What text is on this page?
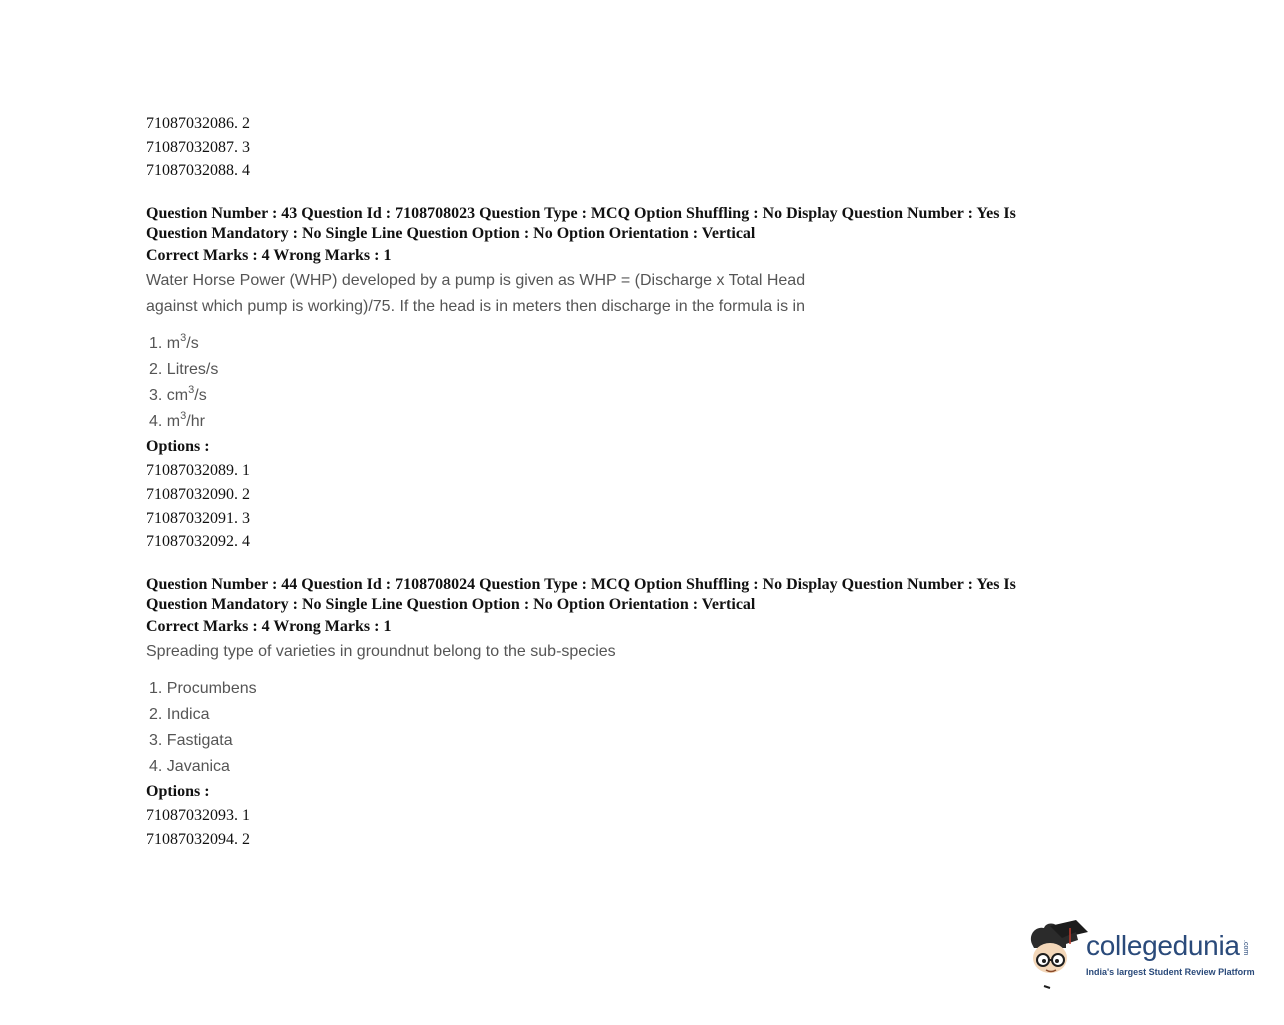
71087032086. 2
71087032087. 3
71087032088. 4
Question Number : 43 Question Id : 7108708023 Question Type : MCQ Option Shuffling : No Display Question Number : Yes Is
Question Mandatory : No Single Line Question Option : No Option Orientation : Vertical
Correct Marks : 4 Wrong Marks : 1
Water Horse Power (WHP) developed by a pump is given as WHP = (Discharge x Total Head
against which pump is working)/75. If the head is in meters then discharge in the formula is in
1. $m^3/s$
2. Litres/s
3. $cm^3/s$
4. $m^3/hr$
Options :
71087032089. 1
71087032090. 2
71087032091. 3
71087032092. 4
Question Number : 44 Question Id : 7108708024 Question Type : MCQ Option Shuffling : No Display Question Number : Yes Is
Question Mandatory : No Single Line Question Option : No Option Orientation : Vertical
Correct Marks : 4 Wrong Marks : 1
Spreading type of varieties in groundnut belong to the sub-species
1. Procumbens
2. Indica
3. Fastigata
4. Javanica
Options :
71087032093. 1
71087032094. 2
collegedunia .com
India's largest Student Review Platform
